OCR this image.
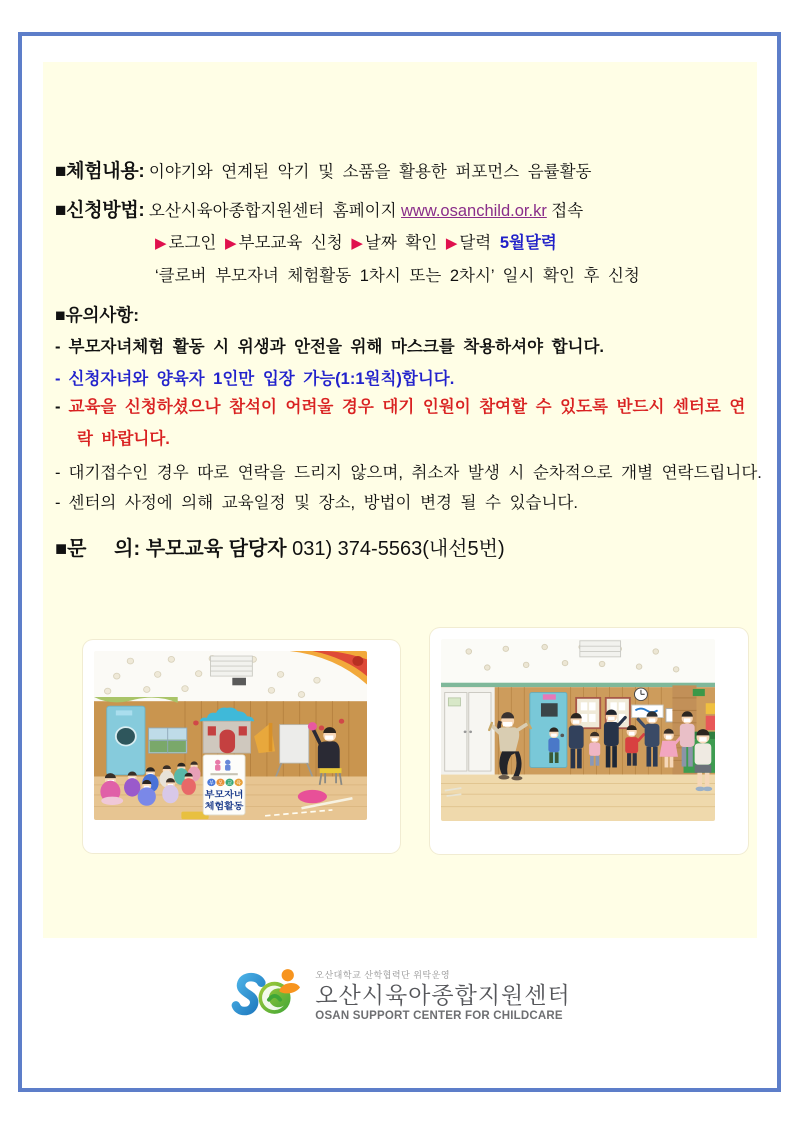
■체험내용: 이야기와 연계된 악기 및 소품을 활용한 퍼포먼스 음률활동
■신청방법: 오산시육아종합지원센터 홈페이지 www.osanchild.or.kr 접속
▶ 로그인 ▶ 부모교육 신청 ▶ 날짜 확인 ▶ 달력 5월달력
‘클로버 부모자녀 체험활동 1차시 또는 2차시’ 일시 확인 후 신청
■유의사항:
- 부모자녀체험 활동 시 위생과 안전을 위해 마스크를 착용하셔야 합니다.
- 신청자녀와 양육자 1인만 입장 가능(1:1원칙)합니다.
- 교육을 신청하셨으나 참석이 어려울 경우 대기 인원이 참여할 수 있도록 반드시 센터로 연락 바랍니다.
- 대기접수인 경우 따로 연락을 드리지 않으며, 취소자 발생 시 순차적으로 개별 연락드립니다.
- 센터의 사정에 의해 교육일정 및 장소, 방법이 변경 될 수 있습니다.
■문     의: 부모교육 담당자 031) 374-5563(내선5번)
부 모 교 육
부모자녀
체험활동
오산대학교 산학협력단 위탁운영
오산시육아종합지원센터
OSAN SUPPORT CENTER FOR CHILDCARE
